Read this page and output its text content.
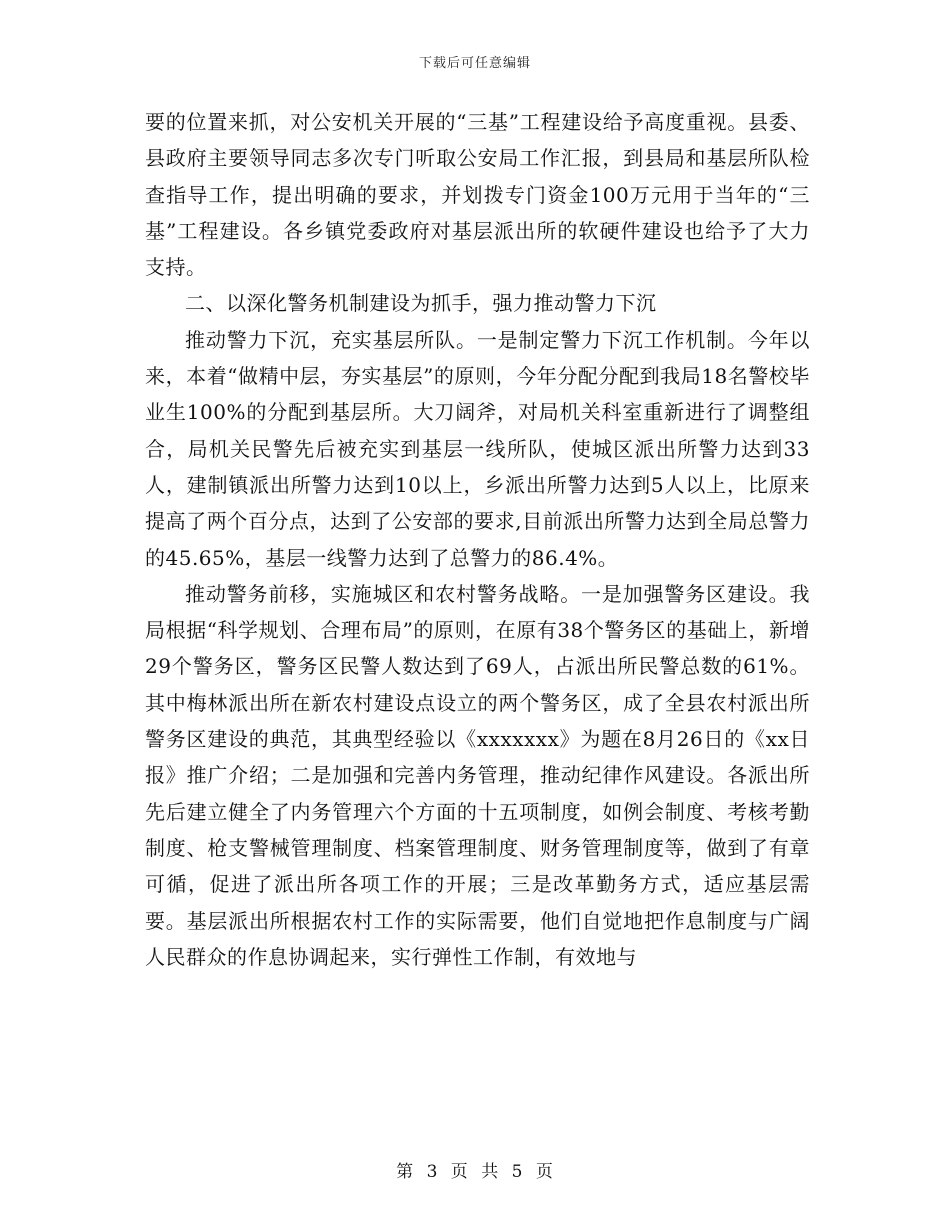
下载后可任意编辑

要的位置来抓，对公安机关开展的“三基”工程建设给予高度重视。县委、县政府主要领导同志多次专门听取公安局工作汇报，到县局和基层所队检查指导工作，提出明确的要求，并划拨专门资金100万元用于当年的“三基”工程建设。各乡镇党委政府对基层派出所的软硬件建设也给予了大力支持。

二、以深化警务机制建设为抓手，强力推动警力下沉

推动警力下沉，充实基层所队。一是制定警力下沉工作机制。今年以来，本着“做精中层，夯实基层”的原则，今年分配分配到我局18名警校毕业生100%的分配到基层所。大刀阔斧，对局机关科室重新进行了调整组合，局机关民警先后被充实到基层一线所队，使城区派出所警力达到33人，建制镇派出所警力达到10以上，乡派出所警力达到5人以上，比原来提高了两个百分点，达到了公安部的要求,目前派出所警力达到全局总警力的45.65%，基层一线警力达到了总警力的86.4%。

推动警务前移，实施城区和农村警务战略。一是加强警务区建设。我局根据“科学规划、合理布局”的原则，在原有38个警务区的基础上，新增29个警务区，警务区民警人数达到了69人，占派出所民警总数的61%。其中梅林派出所在新农村建设点设立的两个警务区，成了全县农村派出所警务区建设的典范，其典型经验以《xxxxxxx》为题在8月26日的《xx日报》推广介绍；二是加强和完善内务管理，推动纪律作风建设。各派出所先后建立健全了内务管理六个方面的十五项制度，如例会制度、考核考勤制度、枪支警械管理制度、档案管理制度、财务管理制度等，做到了有章可循，促进了派出所各项工作的开展；三是改革勤务方式，适应基层需要。基层派出所根据农村工作的实际需要，他们自觉地把作息制度与广阔人民群众的作息协调起来，实行弹性工作制，有效地与

第 3 页 共 5 页
